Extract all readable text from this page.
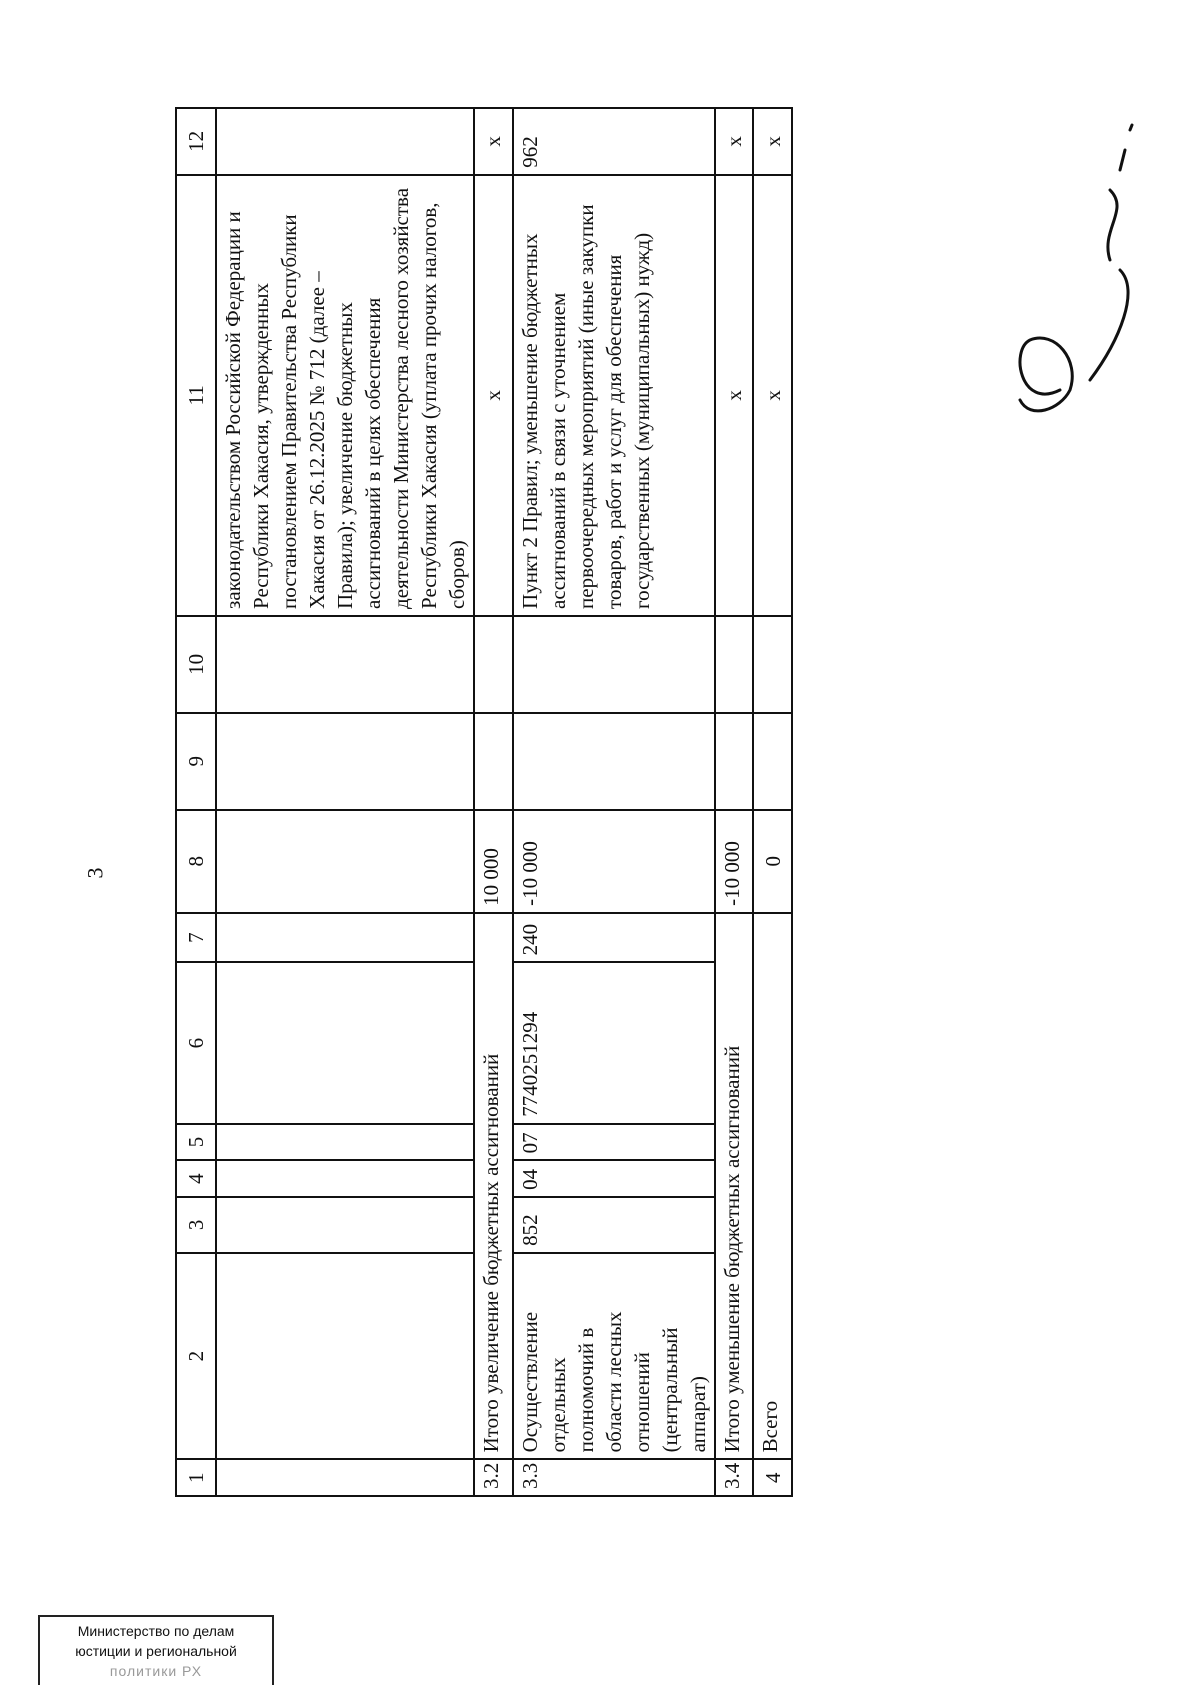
3
1	2	3	4	5	6	7	8	9	10	11	12
										законодательством Российской Федерации и Республики Хакасия, утвержденных постановлением Правительства Республики Хакасия от 26.12.2025 № 712 (далее – Правила); увеличение бюджетных ассигнований в целях обеспечения деятельности Министерства лесного хозяйства Республики Хакасия (уплата прочих налогов, сборов)	
3.2	Итого увеличение бюджетных ассигнований						10 000			х	х
3.3	Осуществление отдельных полномочий в области лесных отношений (центральный аппарат)	852	04	07	7740251294	240	-10 000			Пункт 2 Правил; уменьшение бюджетных ассигнований в связи с уточнением первоочередных мероприятий (иные закупки товаров, работ и услуг для обеспечения государственных (муниципальных) нужд)	962
3.4	Итого уменьшение бюджетных ассигнований						-10 000			х	х
4	Всего						0			х	х
Министерство по делам
юстиции и региональной
политики РХ
